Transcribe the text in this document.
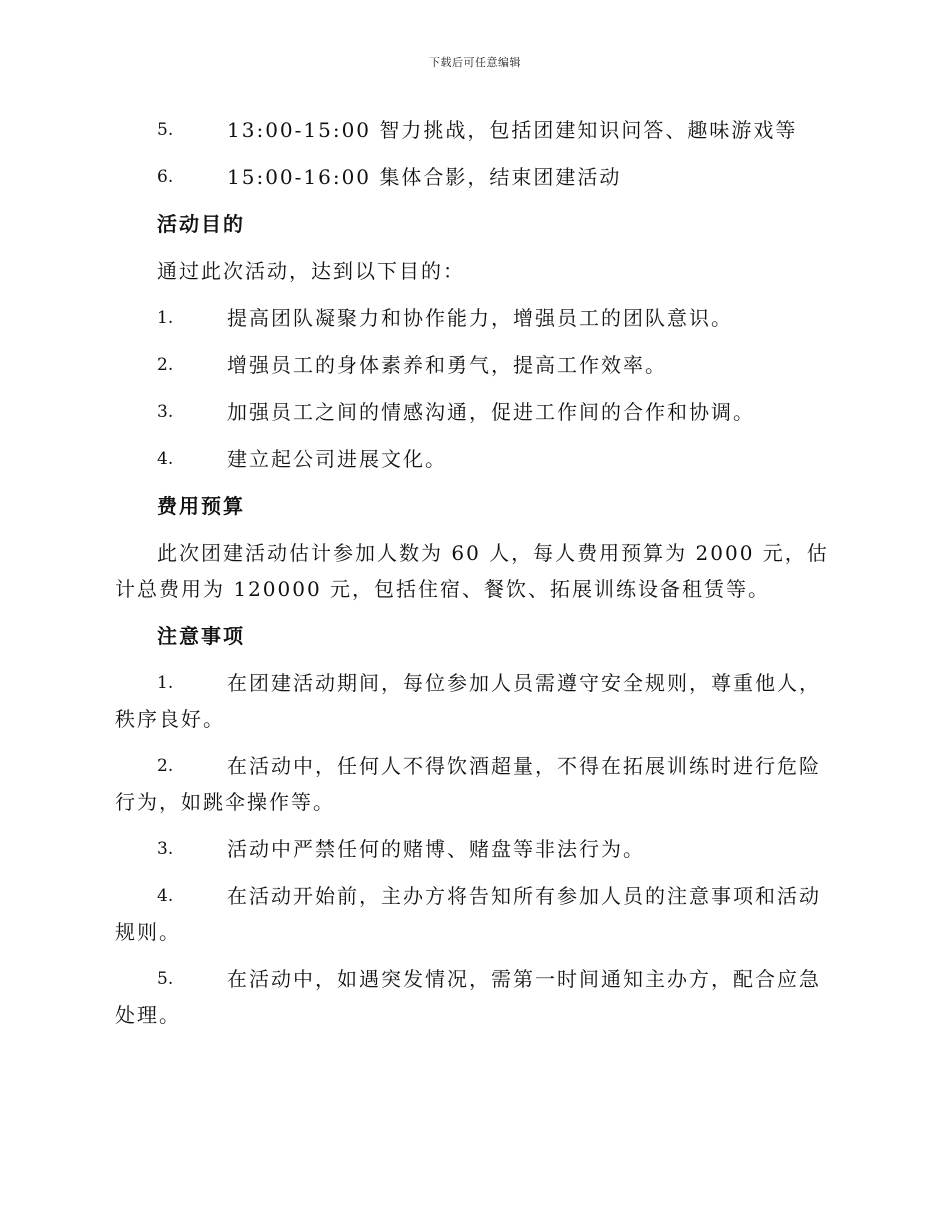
下载后可任意编辑
5.	13:00-15:00 智力挑战，包括团建知识问答、趣味游戏等
6.	15:00-16:00 集体合影，结束团建活动
活动目的
通过此次活动，达到以下目的：
1.	提高团队凝聚力和协作能力，增强员工的团队意识。
2.	增强员工的身体素养和勇气，提高工作效率。
3.	加强员工之间的情感沟通，促进工作间的合作和协调。
4.	建立起公司进展文化。
费用预算
此次团建活动估计参加人数为 60 人，每人费用预算为 2000 元，估计总费用为 120000 元，包括住宿、餐饮、拓展训练设备租赁等。
注意事项
1.	在团建活动期间，每位参加人员需遵守安全规则，尊重他人，秩序良好。
2.	在活动中，任何人不得饮酒超量，不得在拓展训练时进行危险行为，如跳伞操作等。
3.	活动中严禁任何的赌博、赌盘等非法行为。
4.	在活动开始前，主办方将告知所有参加人员的注意事项和活动规则。
5.	在活动中，如遇突发情况，需第一时间通知主办方，配合应急处理。
